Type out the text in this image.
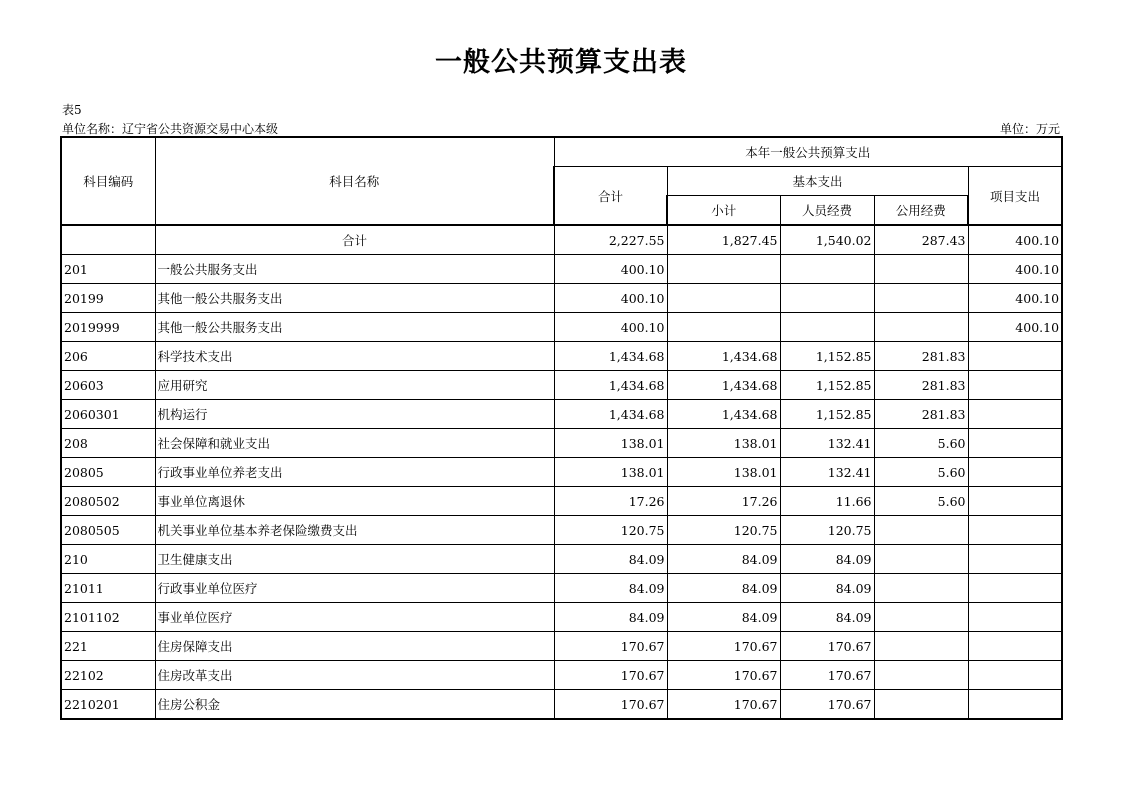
一般公共预算支出表
表5
单位名称：辽宁省公共资源交易中心本级	单位：万元
科目编码	科目名称	本年一般公共预算支出				
		合计	基本支出			项目支出
			小计	人员经费	公用经费	
	合计	2,227.55	1,827.45	1,540.02	287.43	400.10
201	一般公共服务支出	400.10				400.10
20199	其他一般公共服务支出	400.10				400.10
2019999	其他一般公共服务支出	400.10				400.10
206	科学技术支出	1,434.68	1,434.68	1,152.85	281.83	
20603	应用研究	1,434.68	1,434.68	1,152.85	281.83	
2060301	机构运行	1,434.68	1,434.68	1,152.85	281.83	
208	社会保障和就业支出	138.01	138.01	132.41	5.60	
20805	行政事业单位养老支出	138.01	138.01	132.41	5.60	
2080502	事业单位离退休	17.26	17.26	11.66	5.60	
2080505	机关事业单位基本养老保险缴费支出	120.75	120.75	120.75		
210	卫生健康支出	84.09	84.09	84.09		
21011	行政事业单位医疗	84.09	84.09	84.09		
2101102	事业单位医疗	84.09	84.09	84.09		
221	住房保障支出	170.67	170.67	170.67		
22102	住房改革支出	170.67	170.67	170.67		
2210201	住房公积金	170.67	170.67	170.67		
